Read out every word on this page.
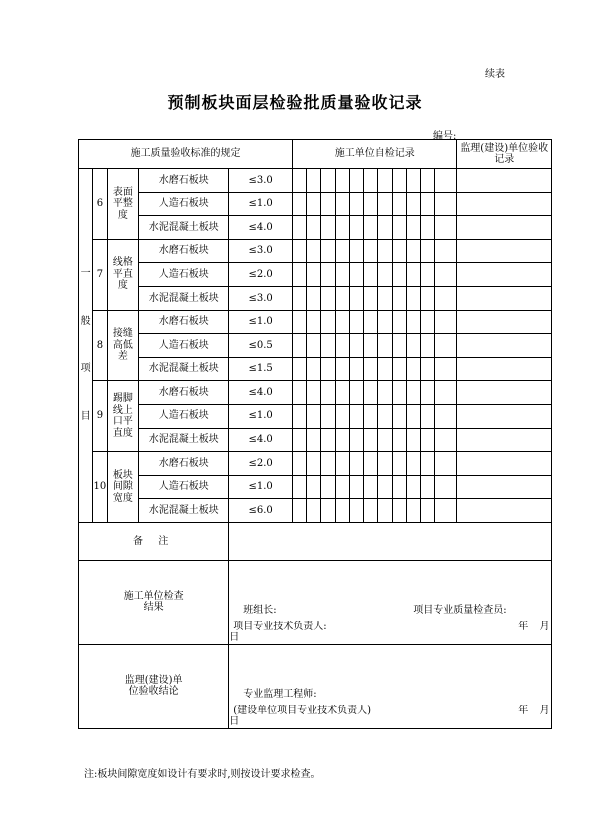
续表
预制板块面层检验批质量验收记录
编号:
施工质量验收标准的规定					施工单位自检记录											监理(建设)单位验收记录

一
般
项
目	6	表面平整度	水磨石板块	≤3.0												
			人造石板块	≤1.0												
			水泥混凝土板块	≤4.0												
	7	线格平直度	水磨石板块	≤3.0												
			人造石板块	≤2.0												
			水泥混凝土板块	≤3.0												
	8	接缝高低差	水磨石板块	≤1.0												
			人造石板块	≤0.5												
			水泥混凝土板块	≤1.5												
	9	踢脚线上口平直度	水磨石板块	≤4.0												
			人造石板块	≤1.0												
			水泥混凝土板块	≤4.0												
	10	板块间隙宽度	水磨石板块	≤2.0												
			人造石板块	≤1.0												
			水泥混凝土板块	≤6.0												
备 注																

施工单位检查结果				班组长: 项目专业质量检查员:												
				项目专业技术负责人: 年 月 日												

监理(建设)单位验收结论				专业监理工程师:												
				(建设单位项目专业技术负责人) 年 月 日												
注:板块间隙宽度如设计有要求时,则按设计要求检查。
